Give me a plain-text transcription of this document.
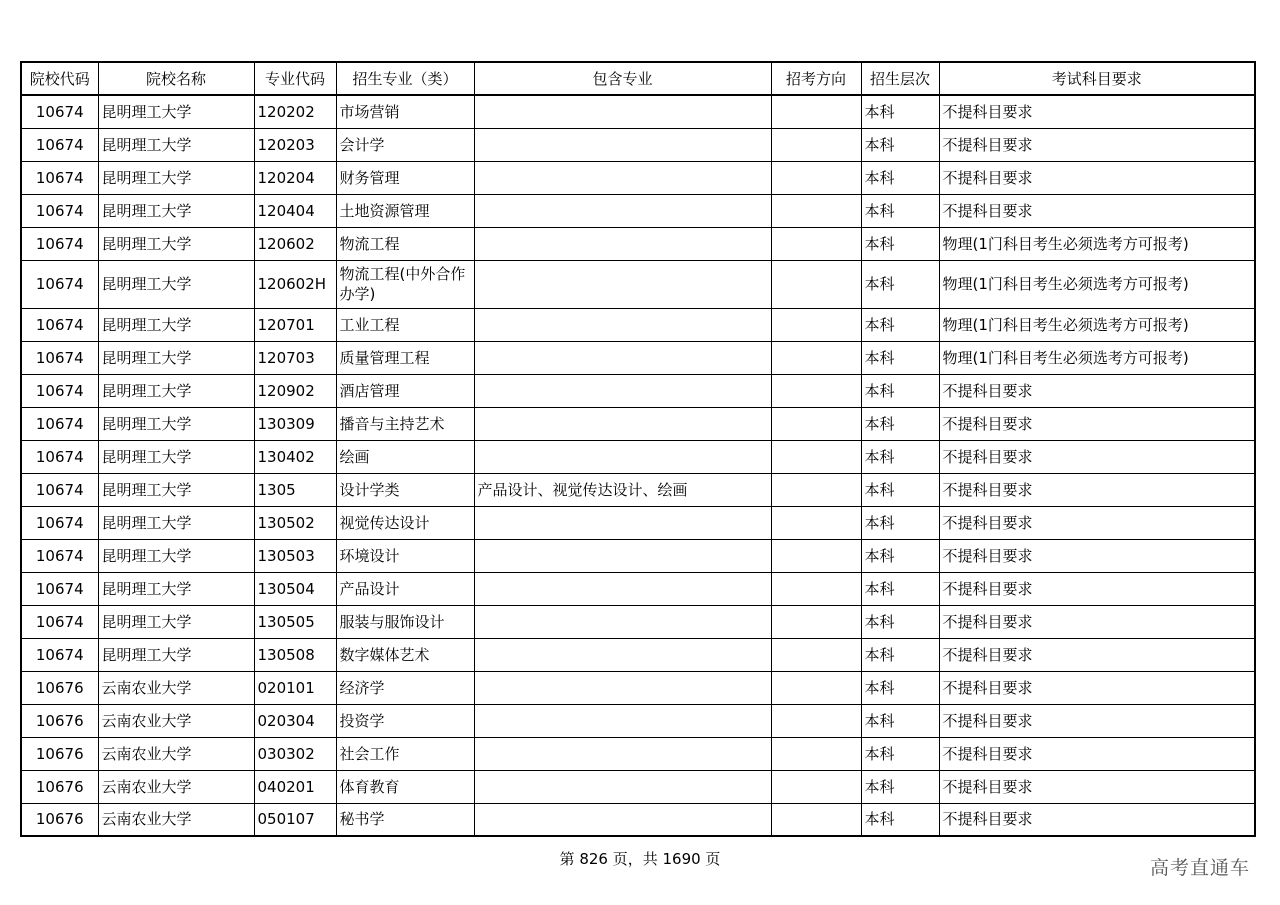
院校代码	院校名称	专业代码	招生专业（类）	包含专业	招考方向	招生层次	考试科目要求
10674	昆明理工大学	120202	市场营销			本科	不提科目要求
10674	昆明理工大学	120203	会计学			本科	不提科目要求
10674	昆明理工大学	120204	财务管理			本科	不提科目要求
10674	昆明理工大学	120404	土地资源管理			本科	不提科目要求
10674	昆明理工大学	120602	物流工程			本科	物理(1门科目考生必须选考方可报考)
10674	昆明理工大学	120602H	物流工程(中外合作办学)			本科	物理(1门科目考生必须选考方可报考)
10674	昆明理工大学	120701	工业工程			本科	物理(1门科目考生必须选考方可报考)
10674	昆明理工大学	120703	质量管理工程			本科	物理(1门科目考生必须选考方可报考)
10674	昆明理工大学	120902	酒店管理			本科	不提科目要求
10674	昆明理工大学	130309	播音与主持艺术			本科	不提科目要求
10674	昆明理工大学	130402	绘画			本科	不提科目要求
10674	昆明理工大学	1305	设计学类	产品设计、视觉传达设计、绘画		本科	不提科目要求
10674	昆明理工大学	130502	视觉传达设计			本科	不提科目要求
10674	昆明理工大学	130503	环境设计			本科	不提科目要求
10674	昆明理工大学	130504	产品设计			本科	不提科目要求
10674	昆明理工大学	130505	服装与服饰设计			本科	不提科目要求
10674	昆明理工大学	130508	数字媒体艺术			本科	不提科目要求
10676	云南农业大学	020101	经济学			本科	不提科目要求
10676	云南农业大学	020304	投资学			本科	不提科目要求
10676	云南农业大学	030302	社会工作			本科	不提科目要求
10676	云南农业大学	040201	体育教育			本科	不提科目要求
10676	云南农业大学	050107	秘书学			本科	不提科目要求
第 826 页，共 1690 页	高考直通车
